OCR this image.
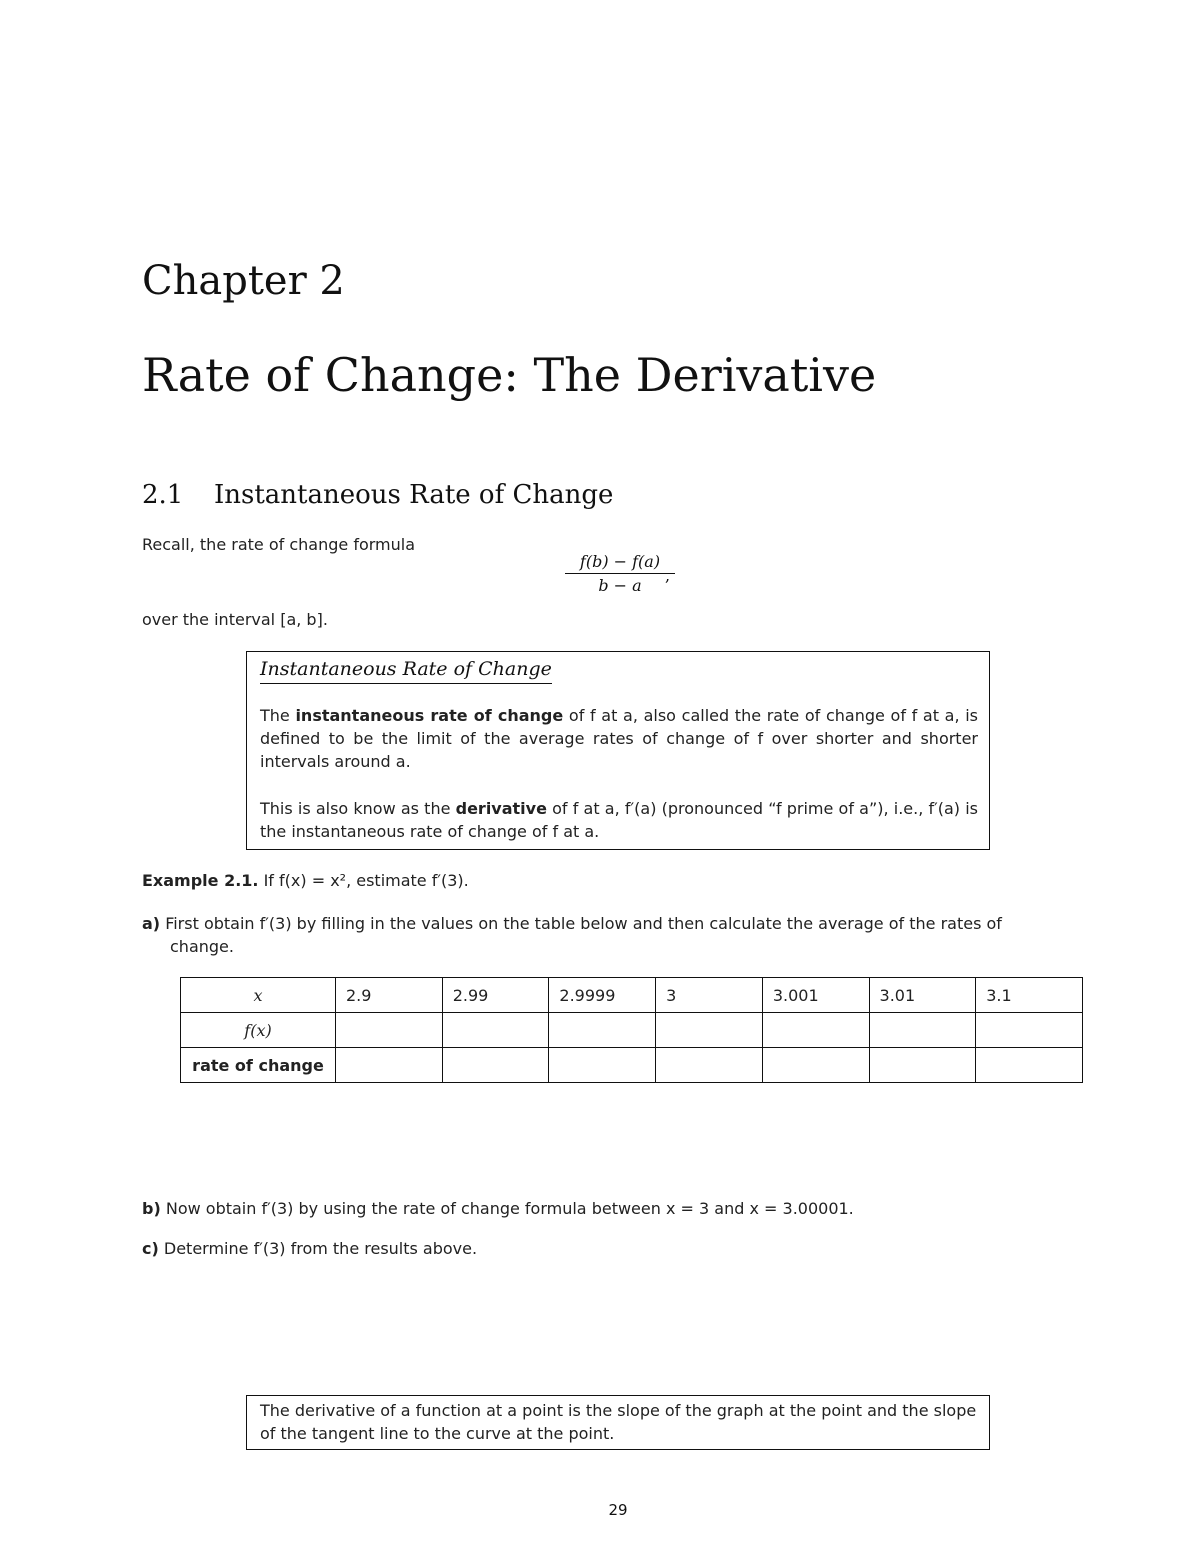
Chapter 2
Rate of Change: The Derivative
2.1 Instantaneous Rate of Change
Recall, the rate of change formula
f(b) − f(a)
b − a
,
over the interval [a, b].
Instantaneous Rate of Change
The instantaneous rate of change of f at a, also called the rate of change of f at a, is defined to be the limit of the average rates of change of f over shorter and shorter intervals around a.
This is also know as the derivative of f at a, f′(a) (pronounced “f prime of a”), i.e., f′(a) is the instantaneous rate of change of f at a.
Example 2.1. If f(x) = x², estimate f′(3).
a) First obtain f′(3) by filling in the values on the table below and then calculate the average of the rates of
change.
x	2.9	2.99	2.9999	3	3.001	3.01	3.1
f(x)							
rate of change							
b) Now obtain f′(3) by using the rate of change formula between x = 3 and x = 3.00001.
c) Determine f′(3) from the results above.
The derivative of a function at a point is the slope of the graph at the point and the slope of the tangent line to the curve at the point.
29
